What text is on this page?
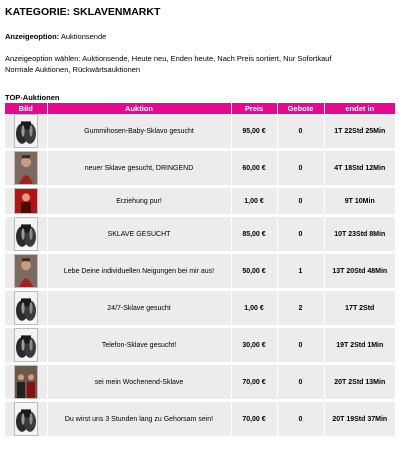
KATEGORIE: SKLAVENMARKT
Anzeigeoption: Auktionsende
Anzeigeoption wählen: Auktionsende, Heute neu, Enden heute, Nach Preis sortiert, Nur Sofortkauf
Normale Auktionen, Rückwärtsauktionen
TOP-Auktionen
Bild	Auktion	Preis	Gebote	endet in

	Gummihosen-Baby-Sklavo gesucht	95,00 €	0	1T 22Std 25Min

	neuer Sklave gesucht, DRINGEND	60,00 €	0	4T 18Std 12Min

	Erziehung pur!	1,00 €	0	9T 10Min

	SKLAVE GESUCHT	85,00 €	0	10T 23Std 8Min

	Lebe Deine individuellen Neigungen bei mir aus!	50,00 €	1	13T 20Std 48Min

	24/7-Sklave gesucht	1,00 €	2	17T 2Std

	Telefon-Sklave gesucht!	30,00 €	0	19T 2Std 1Min

	sei mein Wochenend-Sklave	70,00 €	0	20T 2Std 13Min

	Du wirst uns 3 Stunden lang zu Gehorsam sein!	70,00 €	0	20T 19Std 37Min
